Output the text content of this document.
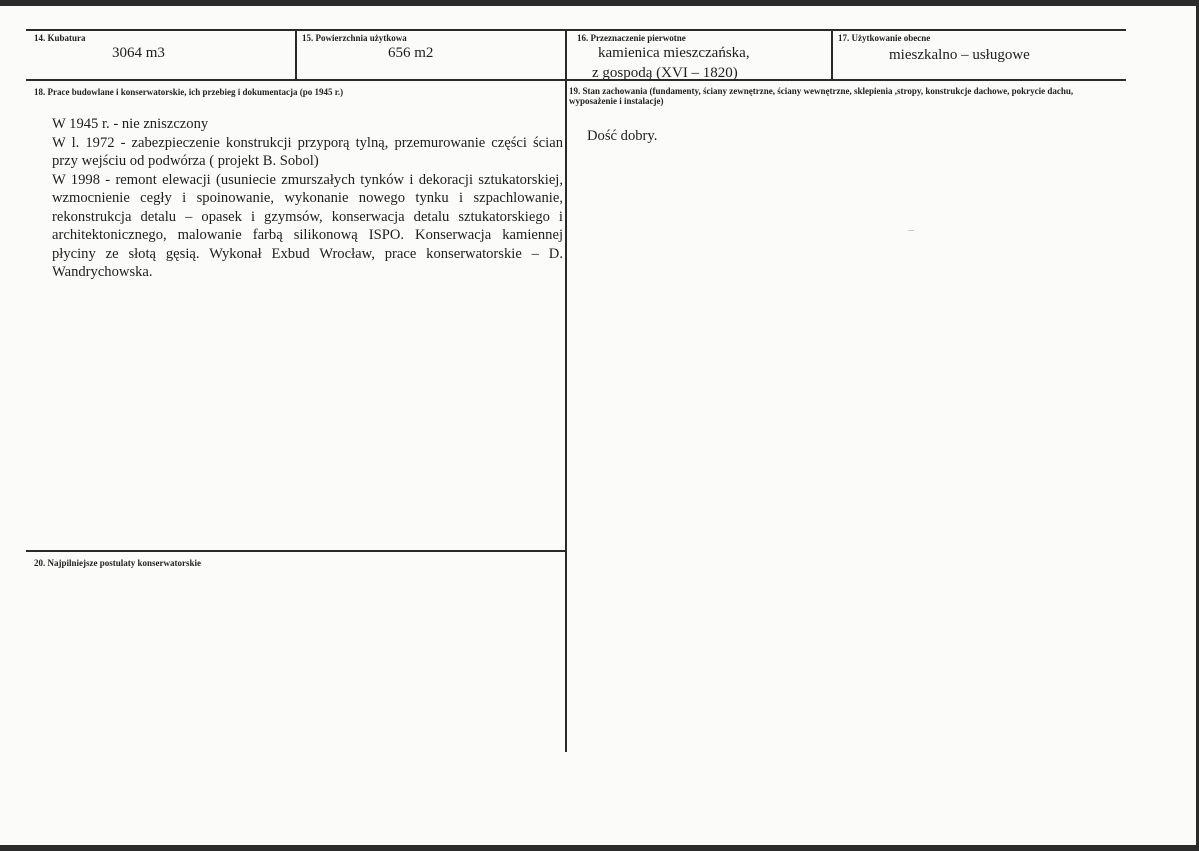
14. Kubatura
3064 m3
15. Powierzchnia użytkowa
656 m2
16. Przeznaczenie pierwotne
kamienica mieszczańska,
z gospodą (XVI – 1820)
17. Użytkowanie obecne
mieszkalno – usługowe
18. Prace budowlane i konserwatorskie, ich przebieg i dokumentacja (po 1945 r.)

W 1945 r. - nie zniszczony

W l. 1972 - zabezpieczenie konstrukcji przyporą tylną, przemurowanie części ścian przy wejściu od podwórza ( projekt B. Sobol)

W 1998 - remont elewacji (usuniecie zmurszałych tynków i dekoracji sztukatorskiej, wzmocnienie cegły i spoinowanie, wykonanie nowego tynku i szpachlowanie, rekonstrukcja detalu – opasek i gzymsów, konserwacja detalu sztukatorskiego i architektonicznego, malowanie farbą silikonową ISPO. Konserwacja kamiennej płyciny ze słotą gęsią. Wykonał Exbud Wrocław, prace konserwatorskie – D. Wandrychowska.

19. Stan zachowania (fundamenty, ściany zewnętrzne, ściany wewnętrzne, sklepienia ,stropy, konstrukcje dachowe, pokrycie dachu, wyposażenie i instalacje)
Dość dobry.
20. Najpilniejsze postulaty konserwatorskie
